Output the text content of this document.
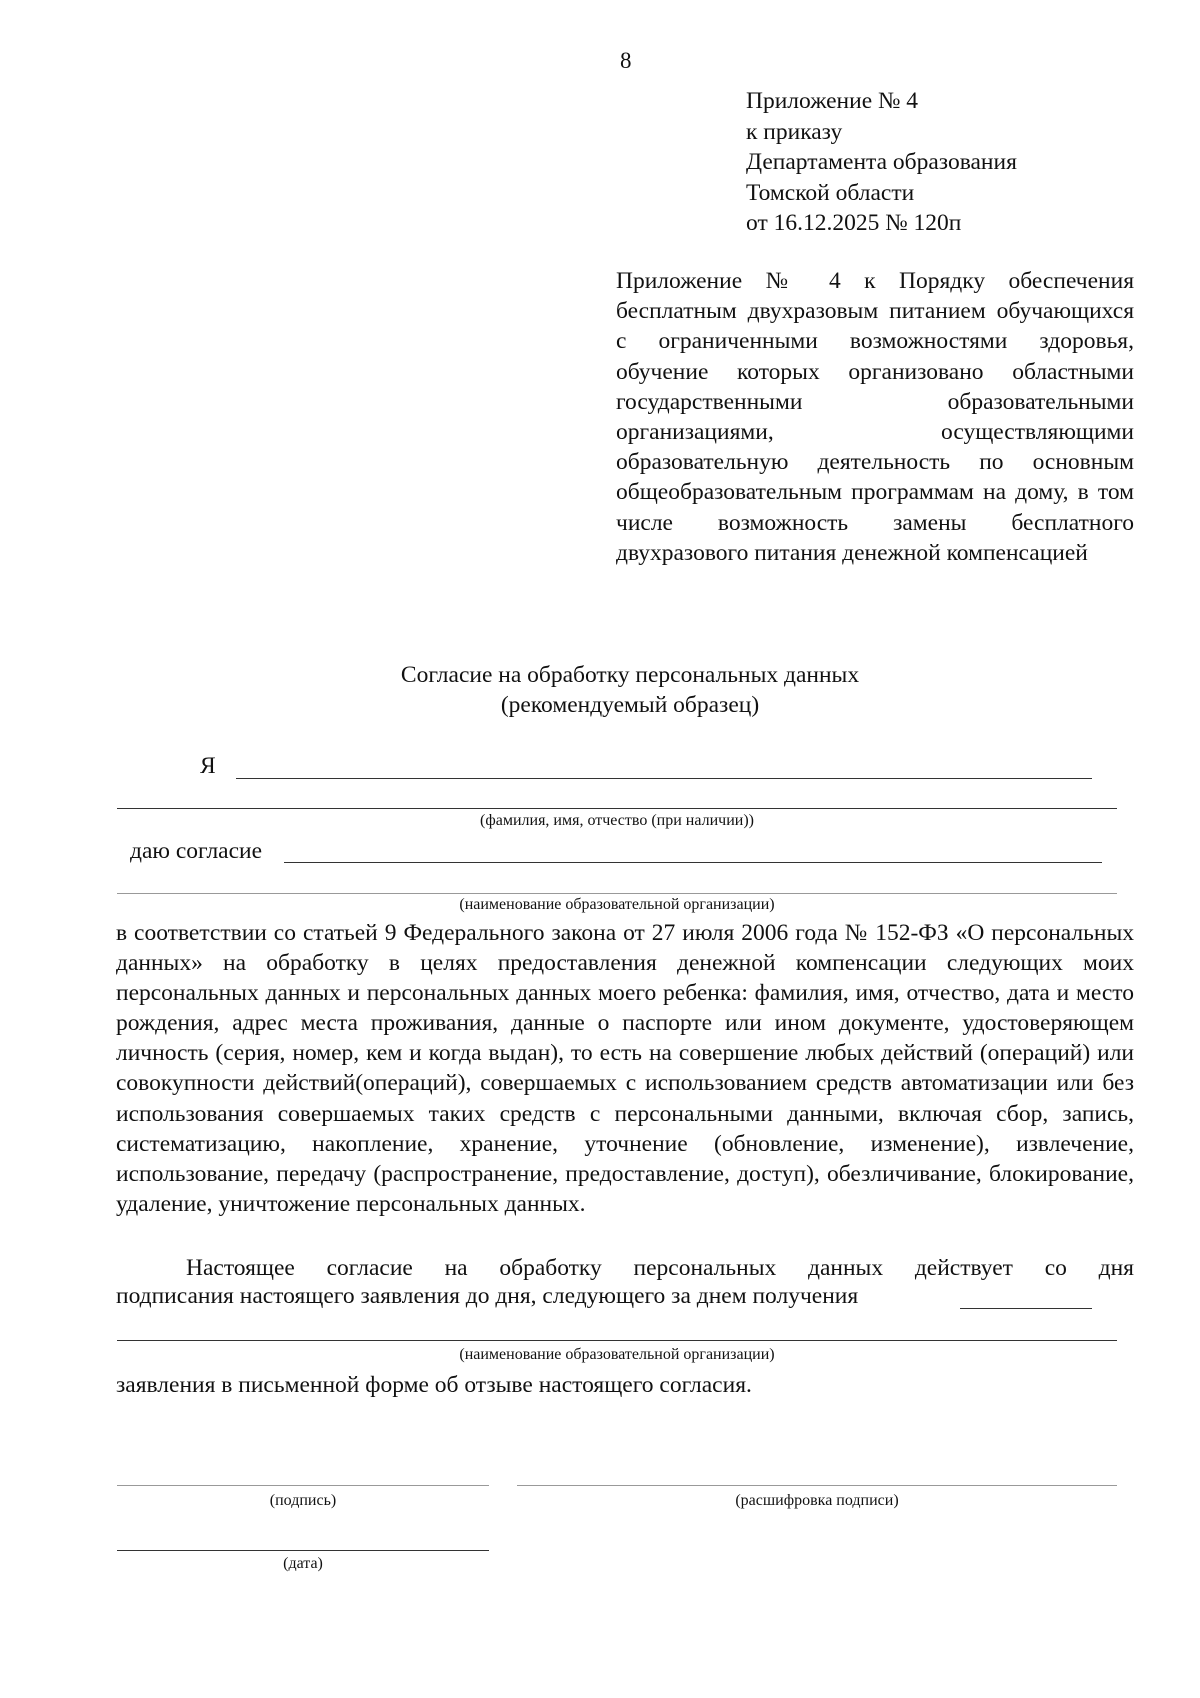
8
Приложение № 4
к приказу
Департамента образования
Томской области
от 16.12.2025 № 120п
Приложение № 4 к Порядку обеспечения бесплатным двухразовым питанием обучающихся с ограниченными возможностями здоровья, обучение которых организовано областными государственными образовательными организациями, осуществляющими образовательную деятельность по основным общеобразовательным программам на дому, в том числе возможность замены бесплатного двухразового питания денежной компенсацией
Согласие на обработку персональных данных
(рекомендуемый образец)
Я
(фамилия, имя, отчество (при наличии))
даю согласие
(наименование образовательной организации)

в соответствии со статьей 9 Федерального закона от 27 июля 2006 года № 152-ФЗ «О персональных данных» на обработку в целях предоставления денежной компенсации следующих моих персональных данных и персональных данных моего ребенка: фамилия, имя, отчество, дата и место рождения, адрес места проживания, данные о паспорте или ином документе, удостоверяющем личность (серия, номер, кем и когда выдан), то есть на совершение любых действий (операций) или совокупности действий(операций), совершаемых с использованием средств автоматизации или без использования совершаемых таких средств с персональными данными, включая сбор, запись, систематизацию, накопление, хранение, уточнение (обновление, изменение), извлечение, использование, передачу (распространение, предоставление, доступ), обезличивание, блокирование, удаление, уничтожение персональных данных.

Настоящее согласие на обработку персональных данных действует со дня
подписания настоящего заявления до дня, следующего за днем получения
(наименование образовательной организации)
заявления в письменной форме об отзыве настоящего согласия.
(подпись)	(расшифровка подписи)
(дата)
